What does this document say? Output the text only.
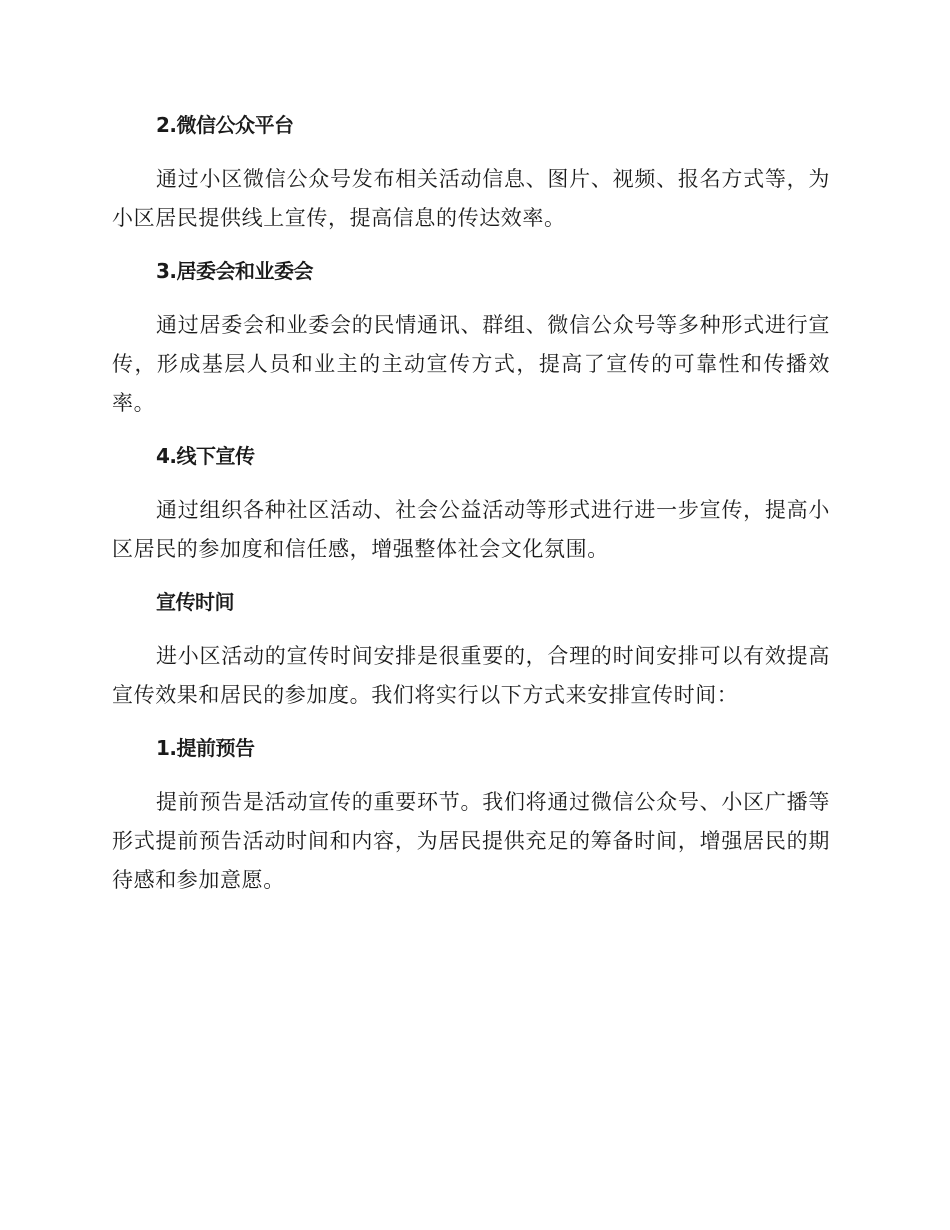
2.微信公众平台

通过小区微信公众号发布相关活动信息、图片、视频、报名方式等，为小区居民提供线上宣传，提高信息的传达效率。

3.居委会和业委会

通过居委会和业委会的民情通讯、群组、微信公众号等多种形式进行宣传，形成基层人员和业主的主动宣传方式，提高了宣传的可靠性和传播效率。

4.线下宣传

通过组织各种社区活动、社会公益活动等形式进行进一步宣传，提高小区居民的参加度和信任感，增强整体社会文化氛围。

宣传时间

进小区活动的宣传时间安排是很重要的，合理的时间安排可以有效提高宣传效果和居民的参加度。我们将实行以下方式来安排宣传时间：

1.提前预告

提前预告是活动宣传的重要环节。我们将通过微信公众号、小区广播等形式提前预告活动时间和内容，为居民提供充足的筹备时间，增强居民的期待感和参加意愿。
